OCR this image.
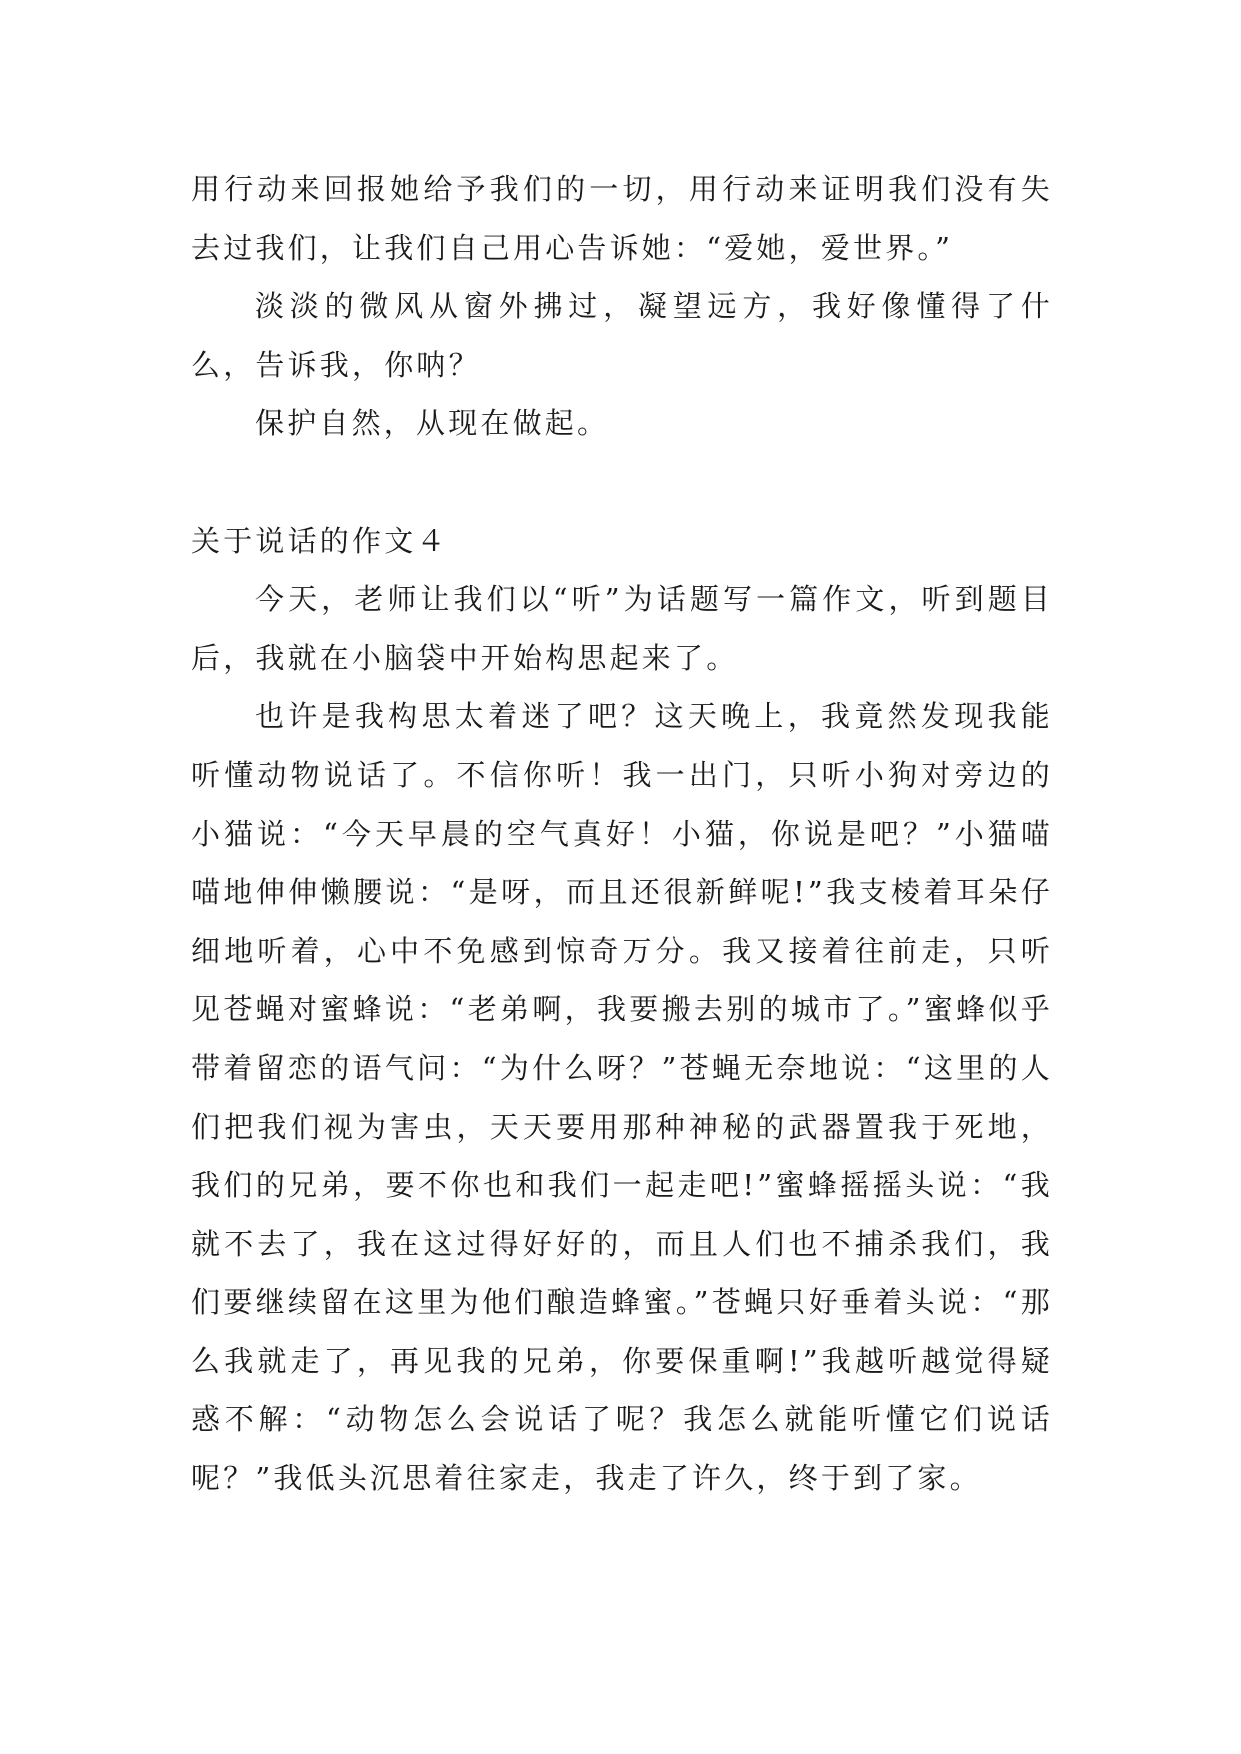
用行动来回报她给予我们的一切，用行动来证明我们没有失去过我们，让我们自己用心告诉她：“爱她，爱世界。”

淡淡的微风从窗外拂过，凝望远方，我好像懂得了什么，告诉我，你呐？

保护自然，从现在做起。

关于说话的作文４

今天，老师让我们以“听”为话题写一篇作文，听到题目后，我就在小脑袋中开始构思起来了。

也许是我构思太着迷了吧？这天晚上，我竟然发现我能听懂动物说话了。不信你听！我一出门，只听小狗对旁边的小猫说：“今天早晨的空气真好！小猫，你说是吧？”小猫喵喵地伸伸懒腰说：“是呀，而且还很新鲜呢!”我支棱着耳朵仔细地听着，心中不免感到惊奇万分。我又接着往前走，只听见苍蝇对蜜蜂说：“老弟啊，我要搬去别的城市了。”蜜蜂似乎带着留恋的语气问：“为什么呀？”苍蝇无奈地说：“这里的人们把我们视为害虫，天天要用那种神秘的武器置我于死地，我们的兄弟，要不你也和我们一起走吧!”蜜蜂摇摇头说：“我就不去了，我在这过得好好的，而且人们也不捕杀我们，我们要继续留在这里为他们酿造蜂蜜。”苍蝇只好垂着头说：“那么我就走了，再见我的兄弟，你要保重啊!”我越听越觉得疑惑不解：“动物怎么会说话了呢？我怎么就能听懂它们说话呢？”我低头沉思着往家走，我走了许久，终于到了家。
